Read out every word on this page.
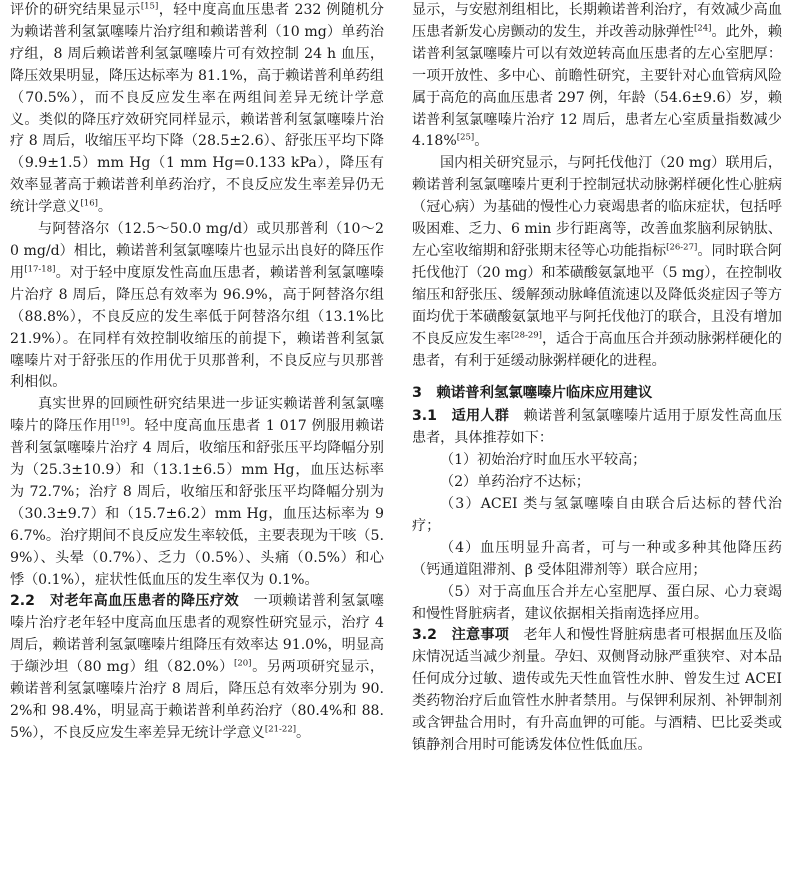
评价的研究结果显示[15]，轻中度高血压患者 232 例随机分为赖诺普利氢氯噻嗪片治疗组和赖诺普利（10 mg）单药治疗组，8 周后赖诺普利氢氯噻嗪片可有效控制 24 h 血压，降压效果明显，降压达标率为 81.1%，高于赖诺普利单药组（70.5%），而不良反应发生率在两组间差异无统计学意义。类似的降压疗效研究同样显示，赖诺普利氢氯噻嗪片治疗 8 周后，收缩压平均下降（28.5±2.6）、舒张压平均下降（9.9±1.5）mm Hg（1 mm Hg=0.133 kPa），降压有效率显著高于赖诺普利单药治疗，不良反应发生率差异仍无统计学意义[16]。

与阿替洛尔（12.5～50.0 mg/d）或贝那普利（10～20 mg/d）相比，赖诺普利氢氯噻嗪片也显示出良好的降压作用[17-18]。对于轻中度原发性高血压患者，赖诺普利氢氯噻嗪片治疗 8 周后，降压总有效率为 96.9%，高于阿替洛尔组（88.8%），不良反应的发生率低于阿替洛尔组（13.1%比 21.9%）。在同样有效控制收缩压的前提下，赖诺普利氢氯噻嗪片对于舒张压的作用优于贝那普利，不良反应与贝那普利相似。

真实世界的回顾性研究结果进一步证实赖诺普利氢氯噻嗪片的降压作用[19]。轻中度高血压患者 1 017 例服用赖诺普利氢氯噻嗪片治疗 4 周后，收缩压和舒张压平均降幅分别为（25.3±10.9）和（13.1±6.5）mm Hg，血压达标率为 72.7%；治疗 8 周后，收缩压和舒张压平均降幅分别为（30.3±9.7）和（15.7±6.2）mm Hg，血压达标率为 96.7%。治疗期间不良反应发生率较低，主要表现为干咳（5.9%）、头晕（0.7%）、乏力（0.5%）、头痛（0.5%）和心悸（0.1%），症状性低血压的发生率仅为 0.1%。

2.2　 对老年高血压患者的降压疗效　 一项赖诺普利氢氯噻嗪片治疗老年轻中度高血压患者的观察性研究显示，治疗 4 周后，赖诺普利氢氯噻嗪片组降压有效率达 91.0%，明显高于缬沙坦（80 mg）组（82.0%）[20]。另两项研究显示，赖诺普利氢氯噻嗪片治疗 8 周后，降压总有效率分别为 90.2%和 98.4%，明显高于赖诺普利单药治疗（80.4%和 88.5%），不良反应发生率差异无统计学意义[21-22]。

显示，与安慰剂组相比，长期赖诺普利治疗，有效减少高血压患者新发心房颤动的发生，并改善动脉弹性[24]。此外，赖诺普利氢氯噻嗪片可以有效逆转高血压患者的左心室肥厚：一项开放性、多中心、前瞻性研究，主要针对心血管病风险属于高危的高血压患者 297 例，年龄（54.6±9.6）岁，赖诺普利氢氯噻嗪片治疗 12 周后，患者左心室质量指数减少 4.18%[25]。

国内相关研究显示，与阿托伐他汀（20 mg）联用后，赖诺普利氢氯噻嗪片更利于控制冠状动脉粥样硬化性心脏病（冠心病）为基础的慢性心力衰竭患者的临床症状，包括呼吸困难、乏力、6 min 步行距离等，改善血浆脑利尿钠肽、左心室收缩期和舒张期末径等心功能指标[26-27]。同时联合阿托伐他汀（20 mg）和苯磺酸氨氯地平（5 mg），在控制收缩压和舒张压、缓解颈动脉峰值流速以及降低炎症因子等方面均优于苯磺酸氨氯地平与阿托伐他汀的联合，且没有增加不良反应发生率[28-29]，适合于高血压合并颈动脉粥样硬化的患者，有利于延缓动脉粥样硬化的进程。

3　赖诺普利氢氯噻嗪片临床应用建议

3.1　 适用人群　 赖诺普利氢氯噻嗪片适用于原发性高血压患者，具体推荐如下：

（1）初始治疗时血压水平较高；

（2）单药治疗不达标；

（3）ACEI 类与氢氯噻嗪自由联合后达标的替代治疗；

（4）血压明显升高者，可与一种或多种其他降压药（钙通道阻滞剂、β 受体阻滞剂等）联合应用；

（5）对于高血压合并左心室肥厚、蛋白尿、心力衰竭和慢性肾脏病者，建议依据相关指南选择应用。

3.2　 注意事项　 老年人和慢性肾脏病患者可根据血压及临床情况适当减少剂量。孕妇、双侧肾动脉严重狭窄、对本品任何成分过敏、遗传或先天性血管性水肿、曾发生过 ACEI 类药物治疗后血管性水肿者禁用。与保钾利尿剂、补钾制剂或含钾盐合用时，有升高血钾的可能。与酒精、巴比妥类或镇静剂合用时可能诱发体位性低血压。
